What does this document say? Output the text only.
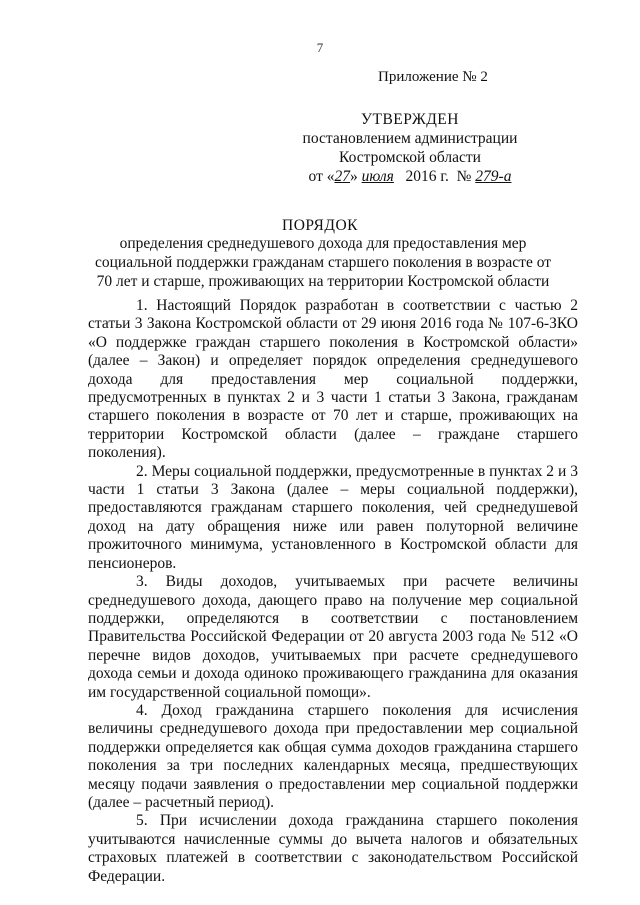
7
Приложение № 2
УТВЕРЖДЕН
постановлением администрации
Костромской области
от «27» июля 2016 г. № 279-а
ПОРЯДОК
определения среднедушевого дохода для предоставления мер социальной поддержки гражданам старшего поколения в возрасте от 70 лет и старше, проживающих на территории Костромской области

1. Настоящий Порядок разработан в соответствии с частью 2 статьи 3 Закона Костромской области от 29 июня 2016 года № 107-6-ЗКО «О поддержке граждан старшего поколения в Костромской области» (далее – Закон) и определяет порядок определения среднедушевого дохода для предоставления мер социальной поддержки, предусмотренных в пунктах 2 и 3 части 1 статьи 3 Закона, гражданам старшего поколения в возрасте от 70 лет и старше, проживающих на территории Костромской области (далее – граждане старшего поколения).

2. Меры социальной поддержки, предусмотренные в пунктах 2 и 3 части 1 статьи 3 Закона (далее – меры социальной поддержки), предоставляются гражданам старшего поколения, чей среднедушевой доход на дату обращения ниже или равен полуторной величине прожиточного минимума, установленного в Костромской области для пенсионеров.

3. Виды доходов, учитываемых при расчете величины среднедушевого дохода, дающего право на получение мер социальной поддержки, определяются в соответствии с постановлением Правительства Российской Федерации от 20 августа 2003 года № 512 «О перечне видов доходов, учитываемых при расчете среднедушевого дохода семьи и дохода одиноко проживающего гражданина для оказания им государственной социальной помощи».

4. Доход гражданина старшего поколения для исчисления величины среднедушевого дохода при предоставлении мер социальной поддержки определяется как общая сумма доходов гражданина старшего поколения за три последних календарных месяца, предшествующих месяцу подачи заявления о предоставлении мер социальной поддержки (далее – расчетный период).

5. При исчислении дохода гражданина старшего поколения учитываются начисленные суммы до вычета налогов и обязательных страховых платежей в соответствии с законодательством Российской Федерации.
